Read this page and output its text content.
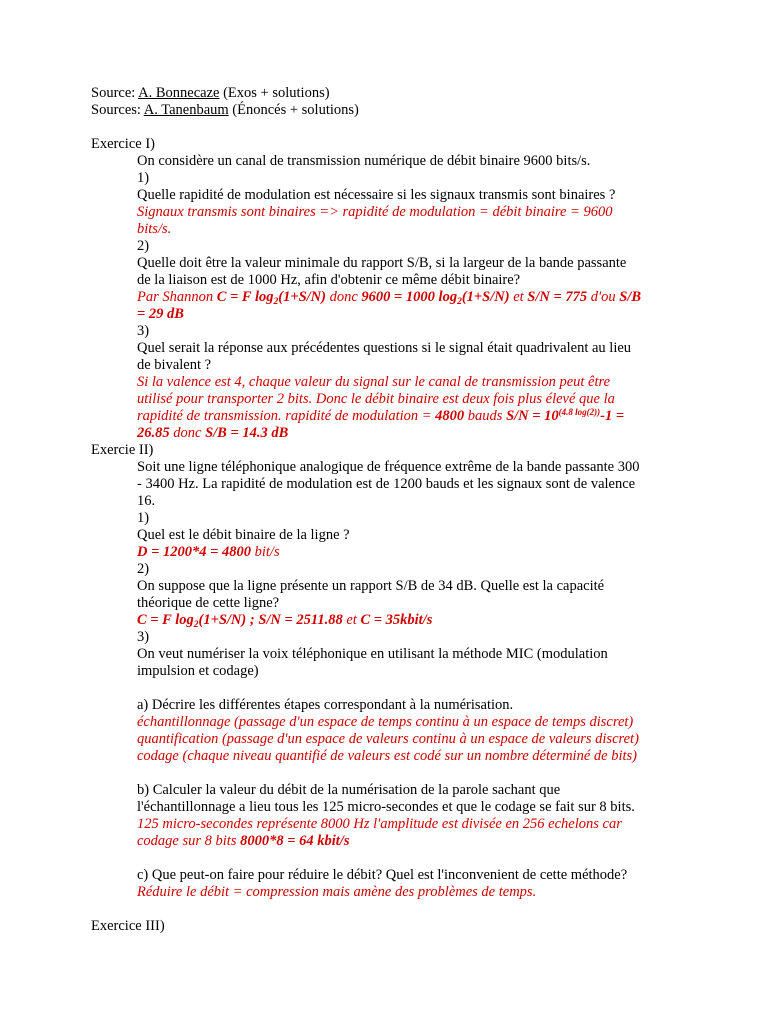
Source: A. Bonnecaze (Exos + solutions)
Sources: A. Tanenbaum (Énoncés + solutions)
Exercice I)
On considère un canal de transmission numérique de débit binaire 9600 bits/s.
1)
Quelle rapidité de modulation est nécessaire si les signaux transmis sont binaires ?
Signaux transmis sont binaires => rapidité de modulation = débit binaire = 9600
bits/s.
2)
Quelle doit être la valeur minimale du rapport S/B, si la largeur de la bande passante
de la liaison est de 1000 Hz, afin d'obtenir ce même débit binaire?
Par Shannon C = F $\log_2(1+S/N)$ donc 9600 = 1000 $\log_2(1+S/N)$ et S/N = 775 d'ou S/B
= 29 dB
3)
Quel serait la réponse aux précédentes questions si le signal était quadrivalent au lieu
de bivalent ?
Si la valence est 4, chaque valeur du signal sur le canal de transmission peut être
utilisé pour transporter 2 bits. Donc le débit binaire est deux fois plus élevé que la
rapidité de transmission. rapidité de modulation = 4800 bauds $S/N = 10^{(4.8 log(2))}-1$ =
26.85 donc S/B = 14.3 dB
Exercie II)
Soit une ligne téléphonique analogique de fréquence extrême de la bande passante 300
- 3400 Hz. La rapidité de modulation est de 1200 bauds et les signaux sont de valence
16.
1)
Quel est le débit binaire de la ligne ?
D = 1200*4 = 4800 bit/s
2)
On suppose que la ligne présente un rapport S/B de 34 dB. Quelle est la capacité
théorique de cette ligne?
C = F $\log_2(1+S/N)$ ; S/N = 2511.88 et C = 35kbit/s
3)
On veut numériser la voix téléphonique en utilisant la méthode MIC (modulation
impulsion et codage)
a) Décrire les différentes étapes correspondant à la numérisation.
échantillonnage (passage d'un espace de temps continu à un espace de temps discret)
quantification (passage d'un espace de valeurs continu à un espace de valeurs discret)
codage (chaque niveau quantifié de valeurs est codé sur un nombre déterminé de bits)
b) Calculer la valeur du débit de la numérisation de la parole sachant que
l'échantillonnage a lieu tous les 125 micro-secondes et que le codage se fait sur 8 bits.
125 micro-secondes représente 8000 Hz l'amplitude est divisée en 256 echelons car
codage sur 8 bits 8000*8 = 64 kbit/s
c) Que peut-on faire pour réduire le débit? Quel est l'inconvenient de cette méthode?
Réduire le débit = compression mais amène des problèmes de temps.
Exercice III)
